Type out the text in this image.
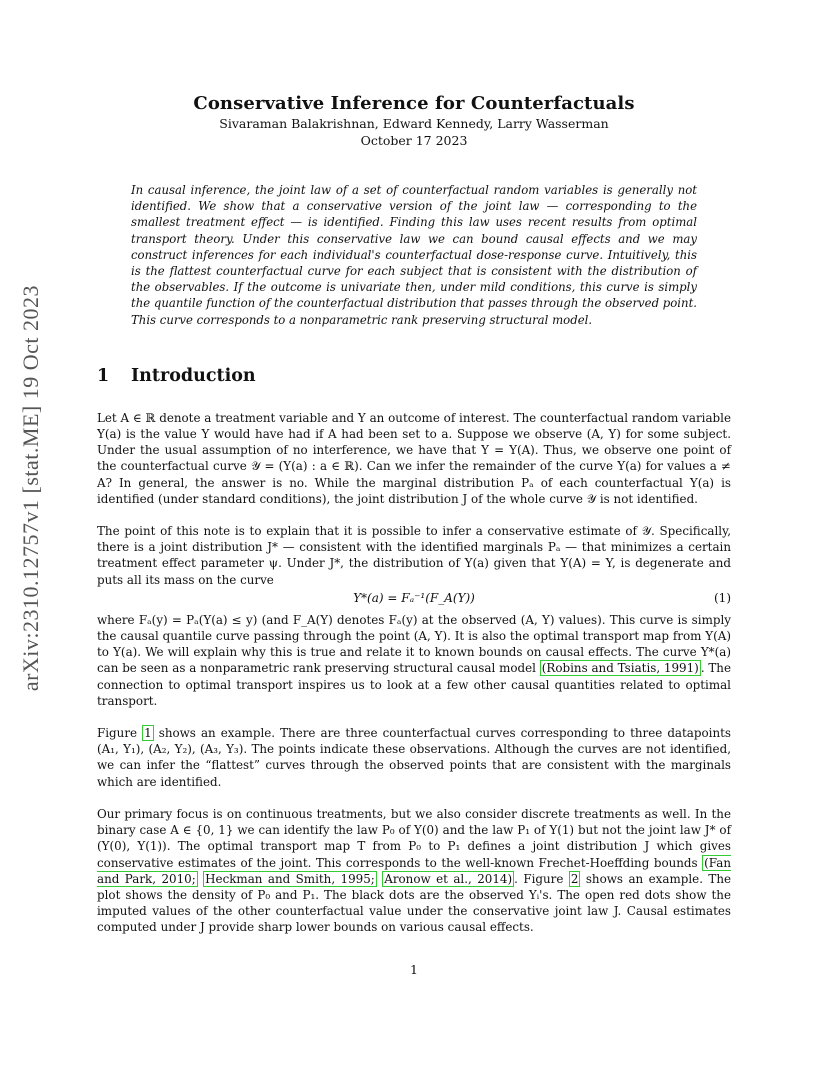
arXiv:2310.12757v1 [stat.ME] 19 Oct 2023
Conservative Inference for Counterfactuals
Sivaraman Balakrishnan, Edward Kennedy, Larry Wasserman
October 17 2023
In causal inference, the joint law of a set of counterfactual random variables is generally not identified. We show that a conservative version of the joint law — corresponding to the smallest treatment effect — is identified. Finding this law uses recent results from optimal transport theory. Under this conservative law we can bound causal effects and we may construct inferences for each individual's counterfactual dose-response curve. Intuitively, this is the flattest counterfactual curve for each subject that is consistent with the distribution of the observables. If the outcome is univariate then, under mild conditions, this curve is simply the quantile function of the counterfactual distribution that passes through the observed point. This curve corresponds to a nonparametric rank preserving structural model.
1 Introduction

Let A ∈ ℝ denote a treatment variable and Y an outcome of interest. The counterfactual random variable Y(a) is the value Y would have had if A had been set to a. Suppose we observe (A, Y) for some subject. Under the usual assumption of no interference, we have that Y = Y(A). Thus, we observe one point of the counterfactual curve 𝒴 = (Y(a) : a ∈ ℝ). Can we infer the remainder of the curve Y(a) for values a ≠ A? In general, the answer is no. While the marginal distribution Pₐ of each counterfactual Y(a) is identified (under standard conditions), the joint distribution J of the whole curve 𝒴 is not identified.

The point of this note is to explain that it is possible to infer a conservative estimate of 𝒴. Specifically, there is a joint distribution J* — consistent with the identified marginals Pₐ — that minimizes a certain treatment effect parameter ψ. Under J*, the distribution of Y(a) given that Y(A) = Y, is degenerate and puts all its mass on the curve

Y*(a) = Fₐ⁻¹(F_A(Y))	(1)

where Fₐ(y) = Pₐ(Y(a) ≤ y) (and F_A(Y) denotes Fₐ(y) at the observed (A, Y) values). This curve is simply the causal quantile curve passing through the point (A, Y). It is also the optimal transport map from Y(A) to Y(a). We will explain why this is true and relate it to known bounds on causal effects. The curve Y*(a) can be seen as a nonparametric rank preserving structural causal model (Robins and Tsiatis, 1991) . The connection to optimal transport inspires us to look at a few other causal quantities related to optimal transport.

Figure 1 shows an example. There are three counterfactual curves corresponding to three datapoints (A₁, Y₁), (A₂, Y₂), (A₃, Y₃). The points indicate these observations. Although the curves are not identified, we can infer the “flattest” curves through the observed points that are consistent with the marginals which are identified.

Our primary focus is on continuous treatments, but we also consider discrete treatments as well. In the binary case A ∈ {0, 1} we can identify the law P₀ of Y(0) and the law P₁ of Y(1) but not the joint law J* of (Y(0), Y(1)). The optimal transport map T from P₀ to P₁ defines a joint distribution J which gives conservative estimates of the joint. This corresponds to the well-known Frechet-Hoeffding bounds (Fan and Park, 2010; Heckman and Smith, 1995; Aronow et al., 2014) . Figure 2 shows an example. The plot shows the density of P₀ and P₁. The black dots are the observed Yᵢ's. The open red dots show the imputed values of the other counterfactual value under the conservative joint law J. Causal estimates computed under J provide sharp lower bounds on various causal effects.

1
